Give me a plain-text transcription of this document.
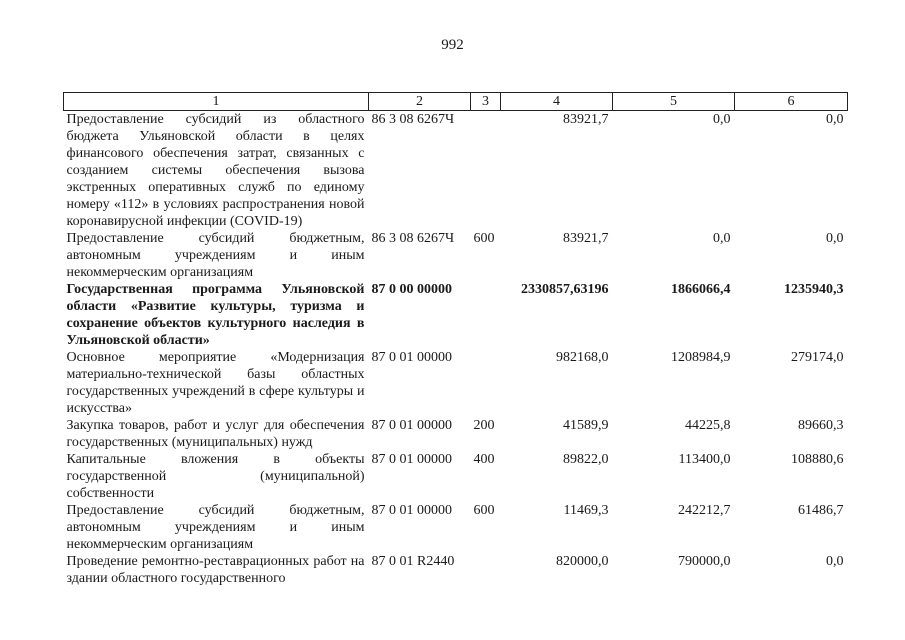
992
1	2	3	4	5	6
Предоставление субсидий из областного бюджета Ульяновской области в целях финансового обеспечения затрат, связанных с созданием системы обеспечения вызова экстренных оперативных служб по единому номеру «112» в условиях распространения новой коронавирусной инфекции (COVID-19)	86 3 08 6267Ч		83921,7	0,0	0,0
Предоставление субсидий бюджетным, автономным учреждениям и иным некоммерческим организациям	86 3 08 6267Ч	600	83921,7	0,0	0,0
Государственная программа Ульяновской области «Развитие культуры, туризма и сохранение объектов культурного наследия в Ульяновской области»	87 0 00 00000		2330857,63196	1866066,4	1235940,3
Основное мероприятие «Модернизация материально-технической базы областных государственных учреждений в сфере культуры и искусства»	87 0 01 00000		982168,0	1208984,9	279174,0
Закупка товаров, работ и услуг для обеспечения государственных (муниципальных) нужд	87 0 01 00000	200	41589,9	44225,8	89660,3
Капитальные вложения в объекты государственной (муниципальной) собственности	87 0 01 00000	400	89822,0	113400,0	108880,6
Предоставление субсидий бюджетным, автономным учреждениям и иным некоммерческим организациям	87 0 01 00000	600	11469,3	242212,7	61486,7
Проведение ремонтно-реставрационных работ на здании областного государственного	87 0 01 R2440		820000,0	790000,0	0,0
